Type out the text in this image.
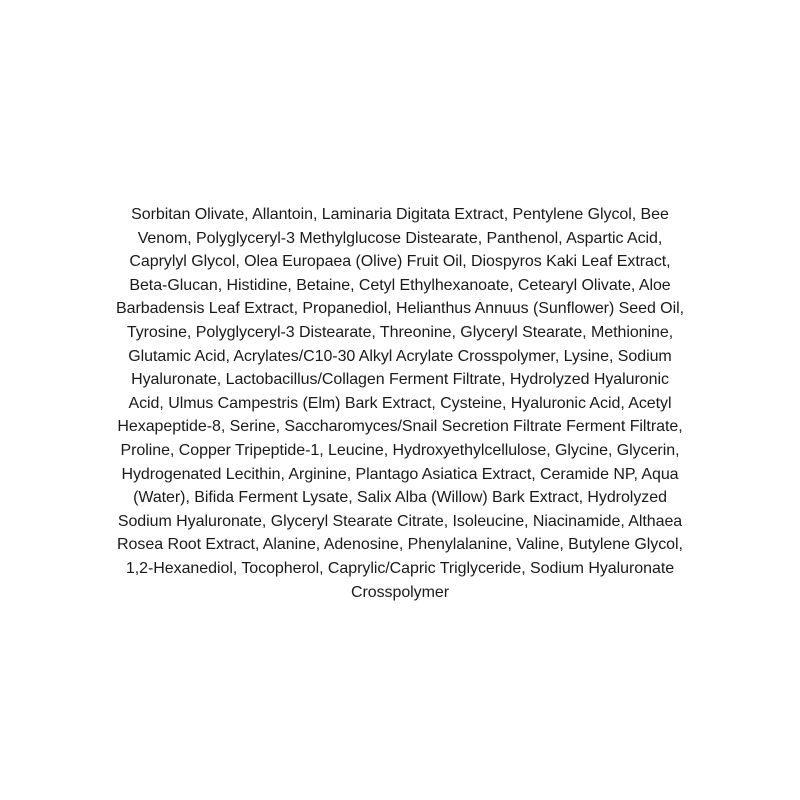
Sorbitan Olivate, Allantoin, Laminaria Digitata Extract, Pentylene Glycol, Bee
Venom, Polyglyceryl-3 Methylglucose Distearate, Panthenol, Aspartic Acid,
Caprylyl Glycol, Olea Europaea (Olive) Fruit Oil, Diospyros Kaki Leaf Extract,
Beta-Glucan, Histidine, Betaine, Cetyl Ethylhexanoate, Cetearyl Olivate, Aloe
Barbadensis Leaf Extract, Propanediol, Helianthus Annuus (Sunflower) Seed Oil,
Tyrosine, Polyglyceryl-3 Distearate, Threonine, Glyceryl Stearate, Methionine,
Glutamic Acid, Acrylates/C10-30 Alkyl Acrylate Crosspolymer, Lysine, Sodium
Hyaluronate, Lactobacillus/Collagen Ferment Filtrate, Hydrolyzed Hyaluronic
Acid, Ulmus Campestris (Elm) Bark Extract, Cysteine, Hyaluronic Acid, Acetyl
Hexapeptide-8, Serine, Saccharomyces/Snail Secretion Filtrate Ferment Filtrate,
Proline, Copper Tripeptide-1, Leucine, Hydroxyethylcellulose, Glycine, Glycerin,
Hydrogenated Lecithin, Arginine, Plantago Asiatica Extract, Ceramide NP, Aqua
(Water), Bifida Ferment Lysate, Salix Alba (Willow) Bark Extract, Hydrolyzed
Sodium Hyaluronate, Glyceryl Stearate Citrate, Isoleucine, Niacinamide, Althaea
Rosea Root Extract, Alanine, Adenosine, Phenylalanine, Valine, Butylene Glycol,
1,2-Hexanediol, Tocopherol, Caprylic/Capric Triglyceride, Sodium Hyaluronate
Crosspolymer
